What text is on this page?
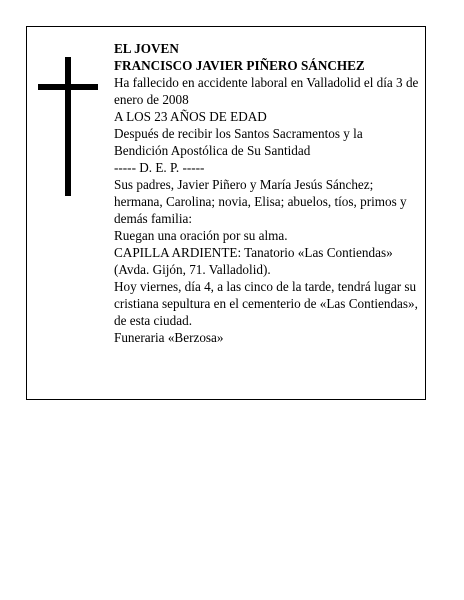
EL JOVEN

FRANCISCO JAVIER PIÑERO SÁNCHEZ

Ha fallecido en accidente laboral en Valladolid el día 3 de enero de 2008

A LOS 23 AÑOS DE EDAD

Después de recibir los Santos Sacramentos y la Bendición Apostólica de Su Santidad

----- D. E. P. -----

Sus padres, Javier Piñero y María Jesús Sánchez; hermana, Carolina; novia, Elisa; abuelos, tíos, primos y demás familia:

Ruegan una oración por su alma.

CAPILLA ARDIENTE: Tanatorio «Las Contiendas» (Avda. Gijón, 71. Valladolid).

Hoy viernes, día 4, a las cinco de la tarde, tendrá lugar su cristiana sepultura en el cementerio de «Las Contiendas», de esta ciudad.

Funeraria «Berzosa»
